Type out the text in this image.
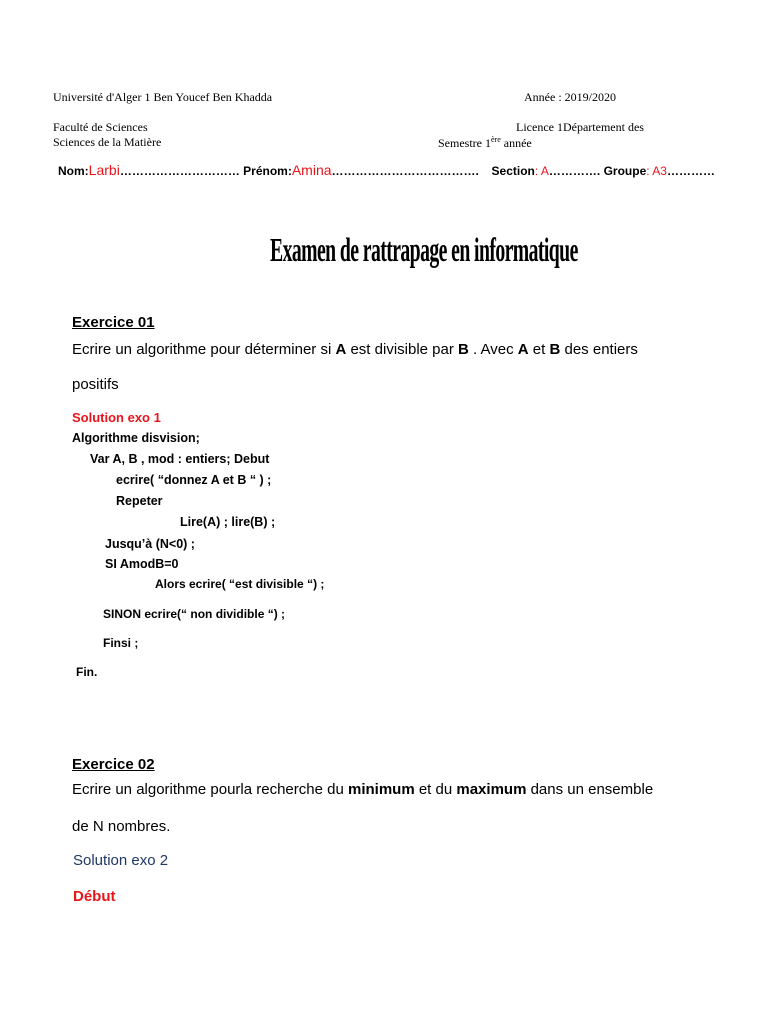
Université d'Alger 1 Ben Youcef Ben Khadda	Année : 2019/2020
Faculté de Sciences	Licence 1Département des
Sciences de la Matière	Semestre 1ère année
Nom:Larbi………………………… Prénom:Amina………………………………. Section: A…………. Groupe: A3…………
Examen de rattrapage en informatique
Exercice 01
Ecrire un algorithme pour déterminer si A est divisible par B . Avec A et B des entiers
positifs
Solution exo 1
Algorithme disvision;
Var A, B , mod : entiers; Debut
ecrire( “donnez A et B “ ) ;
Repeter
Lire(A) ; lire(B) ;
Jusqu’à (N<0) ;
SI AmodB=0
Alors ecrire( “est divisible “) ;
SINON ecrire(“ non dividible “) ;
Finsi ;
Fin.
Exercice 02
Ecrire un algorithme pourla recherche du minimum et du maximum dans un ensemble
de N nombres.
Solution exo 2
Début
